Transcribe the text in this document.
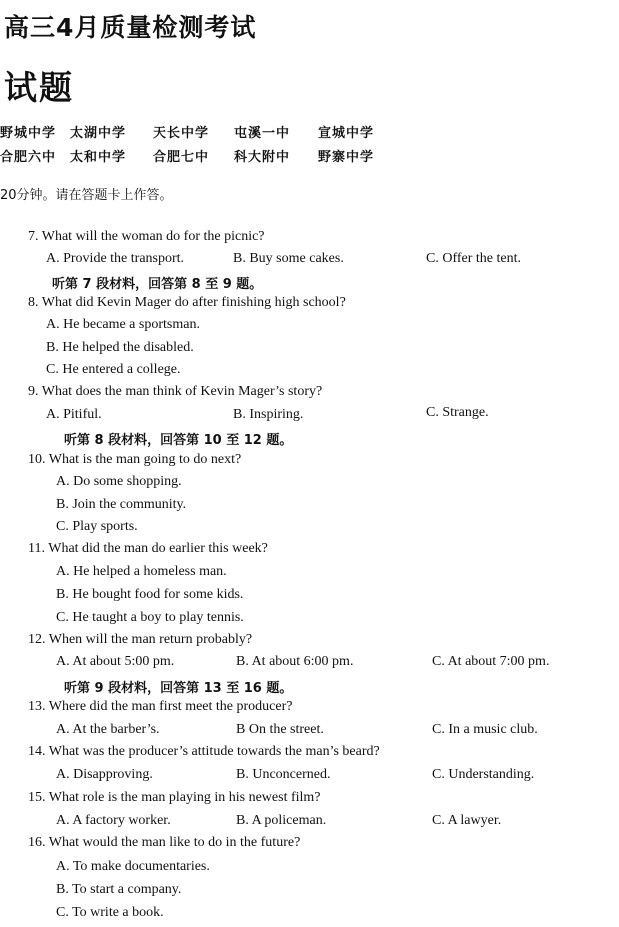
高三4月质量检测考试
试题
野城中学 太湖中学 天长中学 屯溪一中 宣城中学
合肥六中 太和中学 合肥七中 科大附中 野寨中学
20分钟。请在答题卡上作答。
7. What will the woman do for the picnic?
A. Provide the transport.	B. Buy some cakes.	C. Offer the tent.
听第 7 段材料，回答第 8 至 9 题。
8. What did Kevin Mager do after finishing high school?
A. He became a sportsman.
B. He helped the disabled.
C. He entered a college.
9. What does the man think of Kevin Mager’s story?
A. Pitiful.	B. Inspiring.	C. Strange.
听第 8 段材料，回答第 10 至 12 题。
10. What is the man going to do next?
A. Do some shopping.
B. Join the community.
C. Play sports.
11. What did the man do earlier this week?
A. He helped a homeless man.
B. He bought food for some kids.
C. He taught a boy to play tennis.
12. When will the man return probably?
A. At about 5:00 pm.	B. At about 6:00 pm.	C. At about 7:00 pm.
听第 9 段材料，回答第 13 至 16 题。
13. Where did the man first meet the producer?
A. At the barber’s.	B On the street.	C. In a music club.
14. What was the producer’s attitude towards the man’s beard?
A. Disapproving.	B. Unconcerned.	C. Understanding.
15. What role is the man playing in his newest film?
A. A factory worker.	B. A policeman.	C. A lawyer.
16. What would the man like to do in the future?
A. To make documentaries.
B. To start a company.
C. To write a book.
